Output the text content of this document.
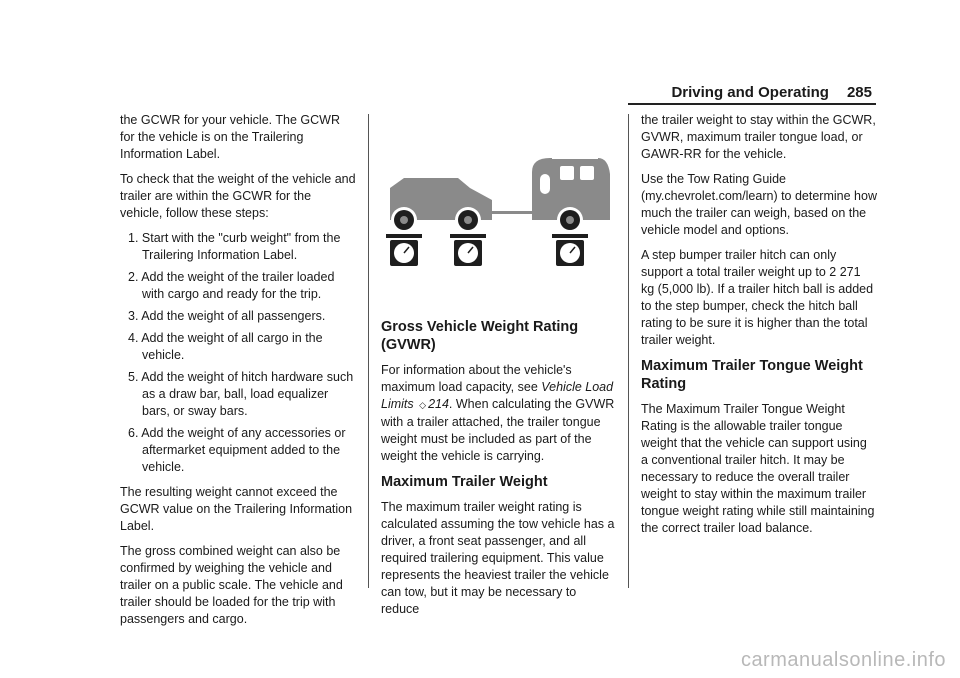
Driving and Operating 285

the GCWR for your vehicle. The GCWR for the vehicle is on the Trailering Information Label.

To check that the weight of the vehicle and trailer are within the GCWR for the vehicle, follow these steps:

1. Start with the "curb weight" from the Trailering Information Label.
2. Add the weight of the trailer loaded with cargo and ready for the trip.
3. Add the weight of all passengers.
4. Add the weight of all cargo in the vehicle.
5. Add the weight of hitch hardware such as a draw bar, ball, load equalizer bars, or sway bars.
6. Add the weight of any accessories or aftermarket equipment added to the vehicle.

The resulting weight cannot exceed the GCWR value on the Trailering Information Label.

The gross combined weight can also be confirmed by weighing the vehicle and trailer on a public scale. The vehicle and trailer should be loaded for the trip with passengers and cargo.

Gross Vehicle Weight Rating (GVWR)

For information about the vehicle's maximum load capacity, see Vehicle Load Limits ◇ 214. When calculating the GVWR with a trailer attached, the trailer tongue weight must be included as part of the weight the vehicle is carrying.

Maximum Trailer Weight

The maximum trailer weight rating is calculated assuming the tow vehicle has a driver, a front seat passenger, and all required trailering equipment. This value represents the heaviest trailer the vehicle can tow, but it may be necessary to reduce

the trailer weight to stay within the GCWR, GVWR, maximum trailer tongue load, or GAWR-RR for the vehicle.

Use the Tow Rating Guide (my.chevrolet.com/learn) to determine how much the trailer can weigh, based on the vehicle model and options.

A step bumper trailer hitch can only support a total trailer weight up to 2 271 kg (5,000 lb). If a trailer hitch ball is added to the step bumper, check the hitch ball rating to be sure it is higher than the total trailer weight.

Maximum Trailer Tongue Weight Rating

The Maximum Trailer Tongue Weight Rating is the allowable trailer tongue weight that the vehicle can support using a conventional trailer hitch. It may be necessary to reduce the overall trailer weight to stay within the maximum trailer tongue weight rating while still maintaining the correct trailer load balance.

carmanualsonline.info
